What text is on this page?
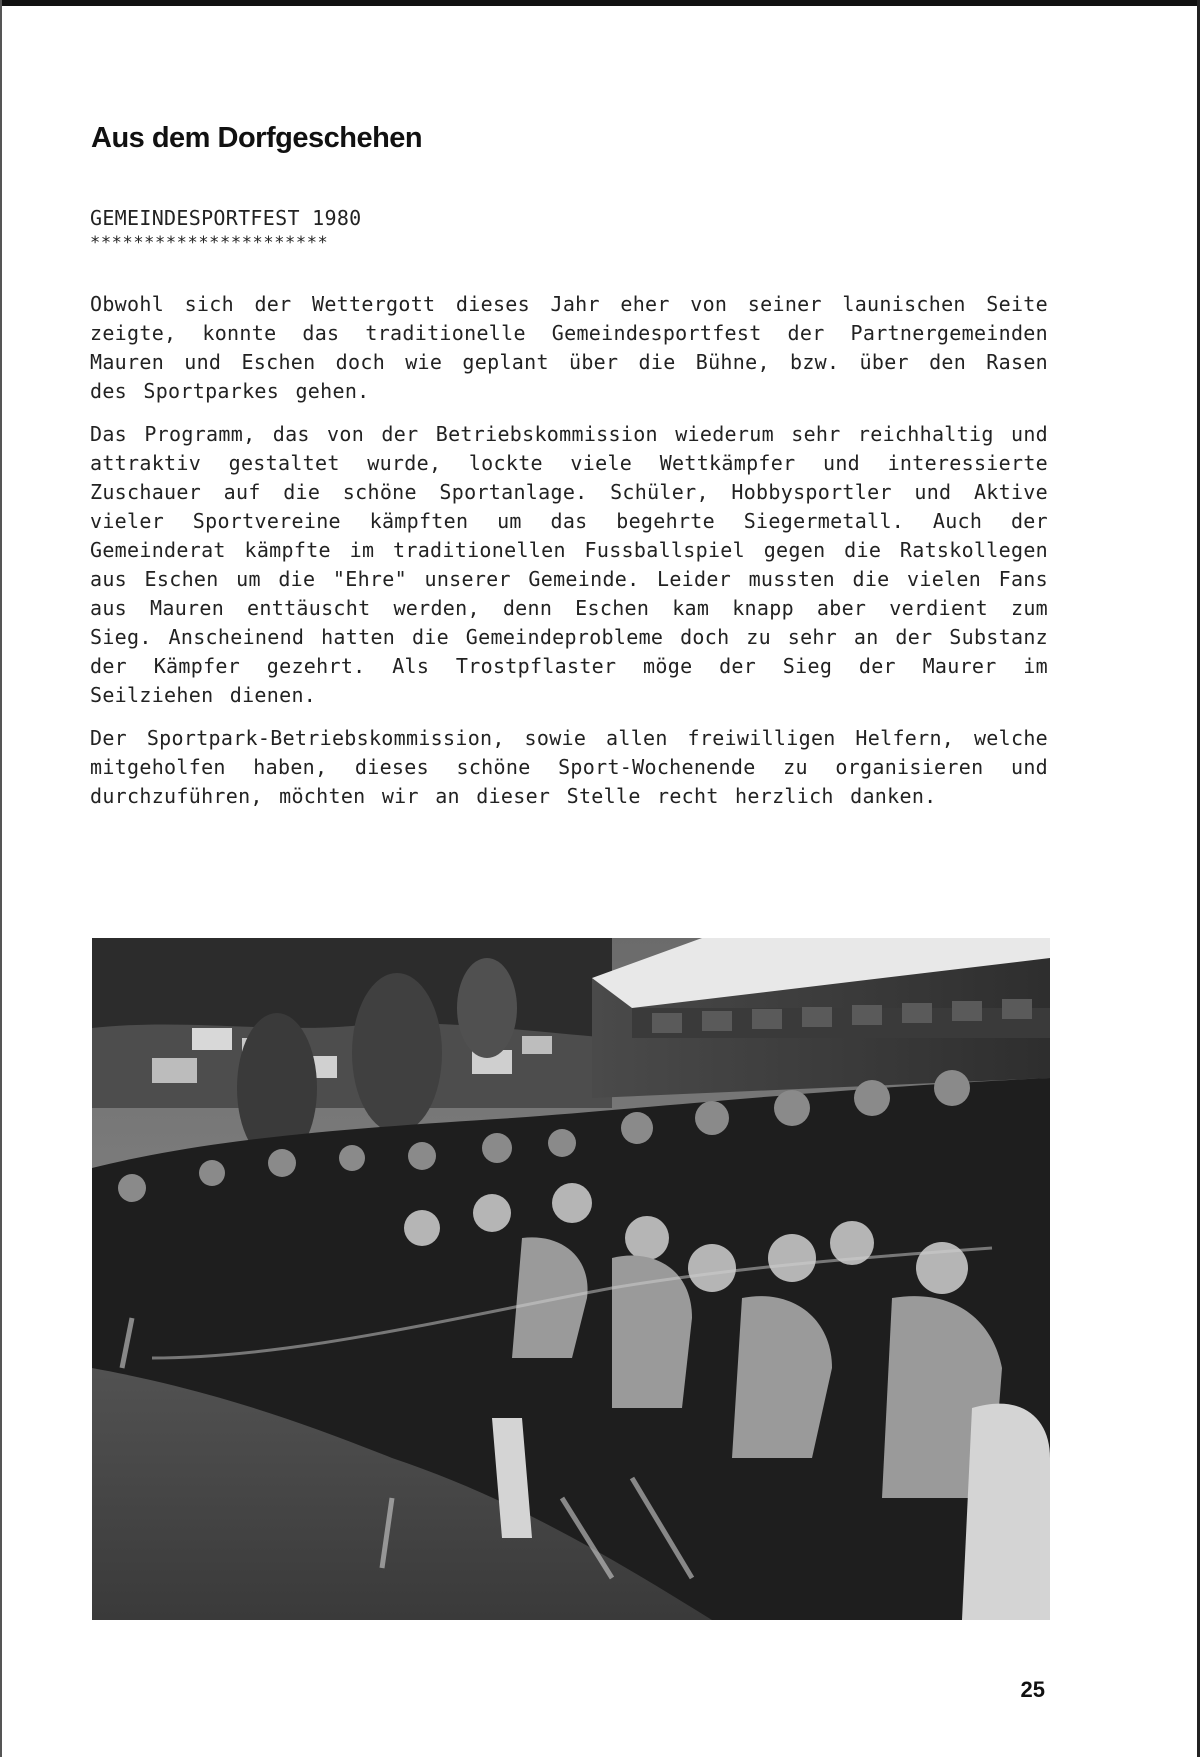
Aus dem Dorfgeschehen
GEMEINDESPORTFEST 1980
**********************

Obwohl sich der Wettergott dieses Jahr eher von seiner launischen Seite zeigte, konnte das traditionelle Gemeindesportfest der Partnergemeinden Mauren und Eschen doch wie geplant über die Bühne, bzw. über den Rasen des Sportparkes gehen.

Das Programm, das von der Betriebskommission wiederum sehr reichhaltig und attraktiv gestaltet wurde, lockte viele Wettkämpfer und interessierte Zuschauer auf die schöne Sportanlage. Schüler, Hobbysportler und Aktive vieler Sportvereine kämpften um das begehrte Siegermetall. Auch der Gemeinderat kämpfte im traditionellen Fussballspiel gegen die Ratskollegen aus Eschen um die "Ehre" unserer Gemeinde. Leider mussten die vielen Fans aus Mauren enttäuscht werden, denn Eschen kam knapp aber verdient zum Sieg. Anscheinend hatten die Gemeindeprobleme doch zu sehr an der Substanz der Kämpfer gezehrt. Als Trostpflaster möge der Sieg der Maurer im Seilziehen dienen.

Der Sportpark-Betriebskommission, sowie allen freiwilligen Helfern, welche mitgeholfen haben, dieses schöne Sport-Wochenende zu organisieren und durchzuführen, möchten wir an dieser Stelle recht herzlich danken.

25
